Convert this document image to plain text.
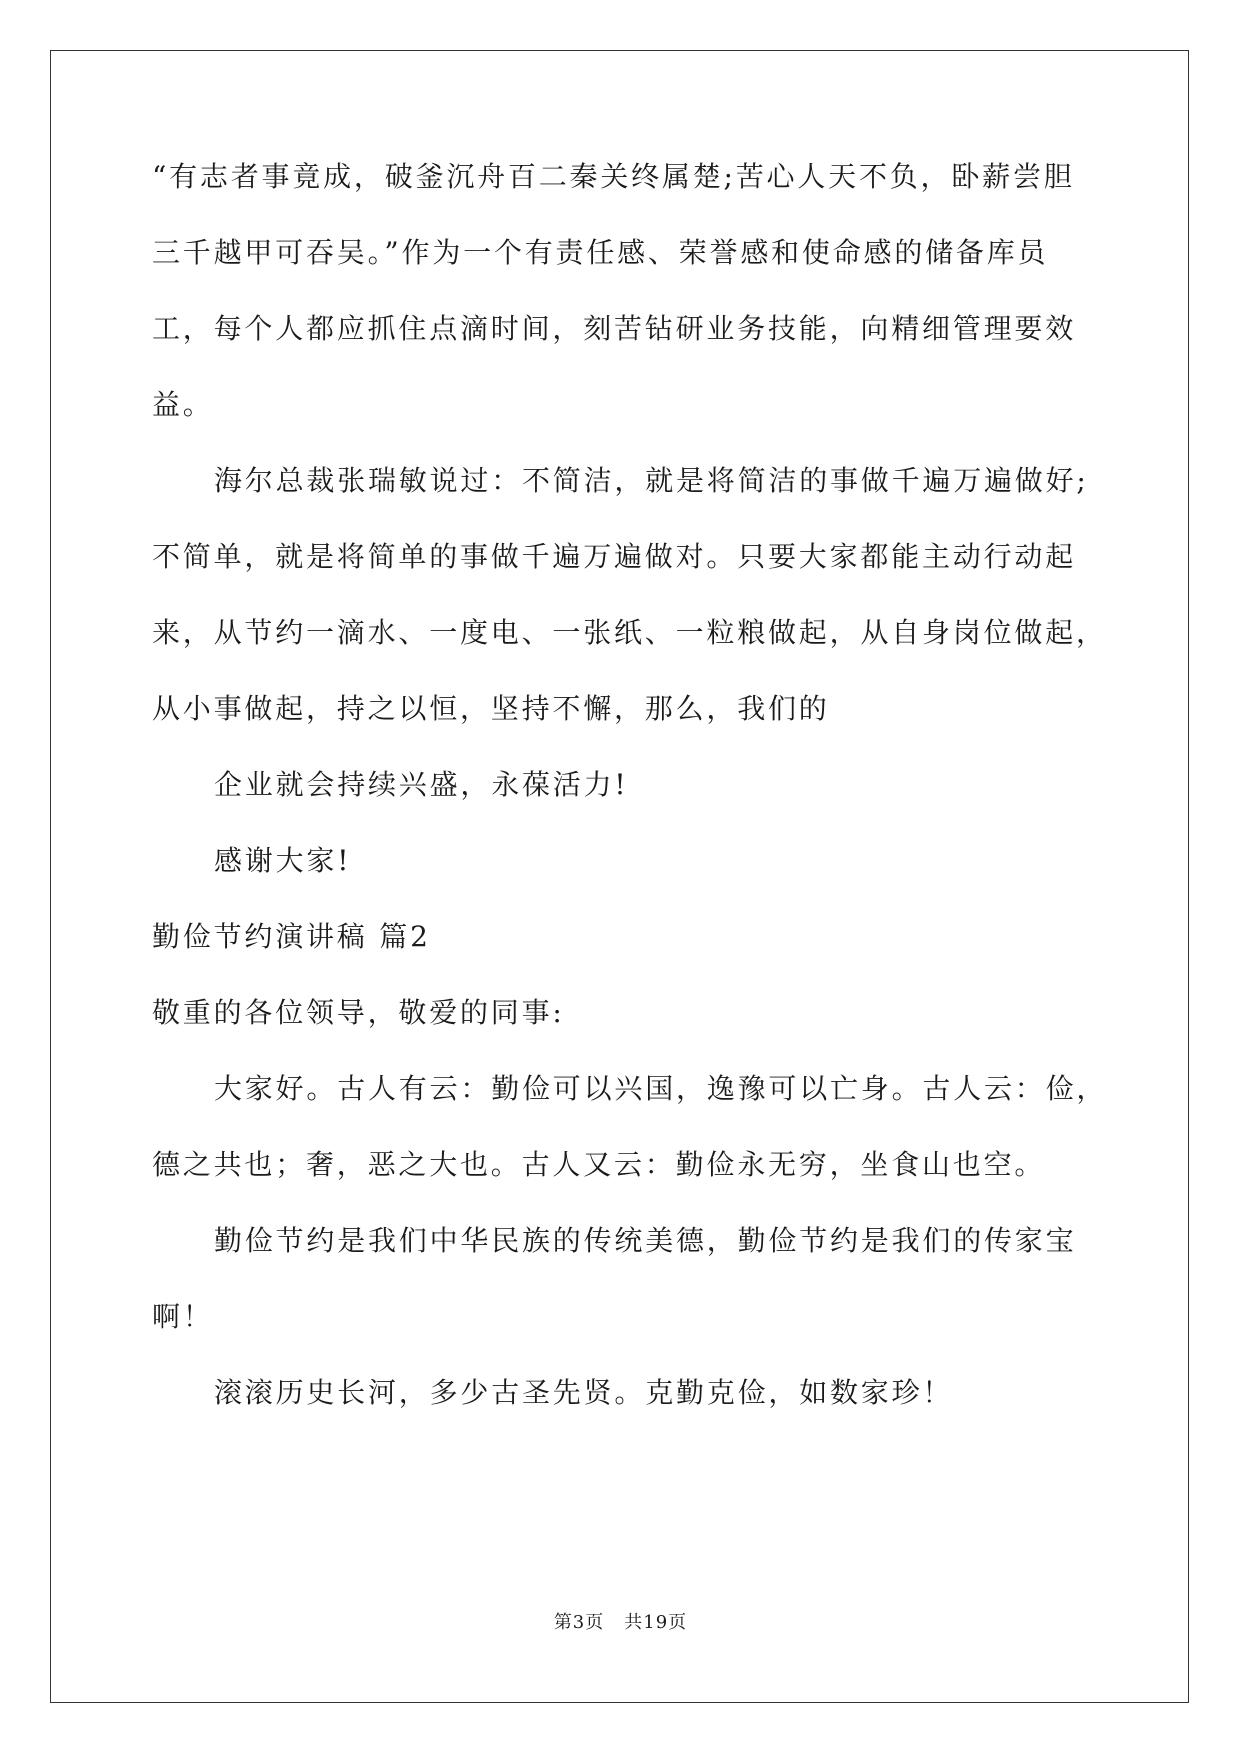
“有志者事竟成，破釜沉舟百二秦关终属楚;苦心人天不负，卧薪尝胆
三千越甲可吞吴。”作为一个有责任感、荣誉感和使命感的储备库员
工，每个人都应抓住点滴时间，刻苦钻研业务技能，向精细管理要效
益。
海尔总裁张瑞敏说过：不简洁，就是将简洁的事做千遍万遍做好;
不简单，就是将简单的事做千遍万遍做对。只要大家都能主动行动起
来，从节约一滴水、一度电、一张纸、一粒粮做起，从自身岗位做起，
从小事做起，持之以恒，坚持不懈，那么，我们的
企业就会持续兴盛，永葆活力!
感谢大家!
勤俭节约演讲稿 篇2
敬重的各位领导，敬爱的同事:
大家好。古人有云：勤俭可以兴国，逸豫可以亡身。古人云：俭，
德之共也；奢，恶之大也。古人又云：勤俭永无穷，坐食山也空。
勤俭节约是我们中华民族的传统美德，勤俭节约是我们的传家宝
啊！
滚滚历史长河，多少古圣先贤。克勤克俭，如数家珍！
第3页 共19页
